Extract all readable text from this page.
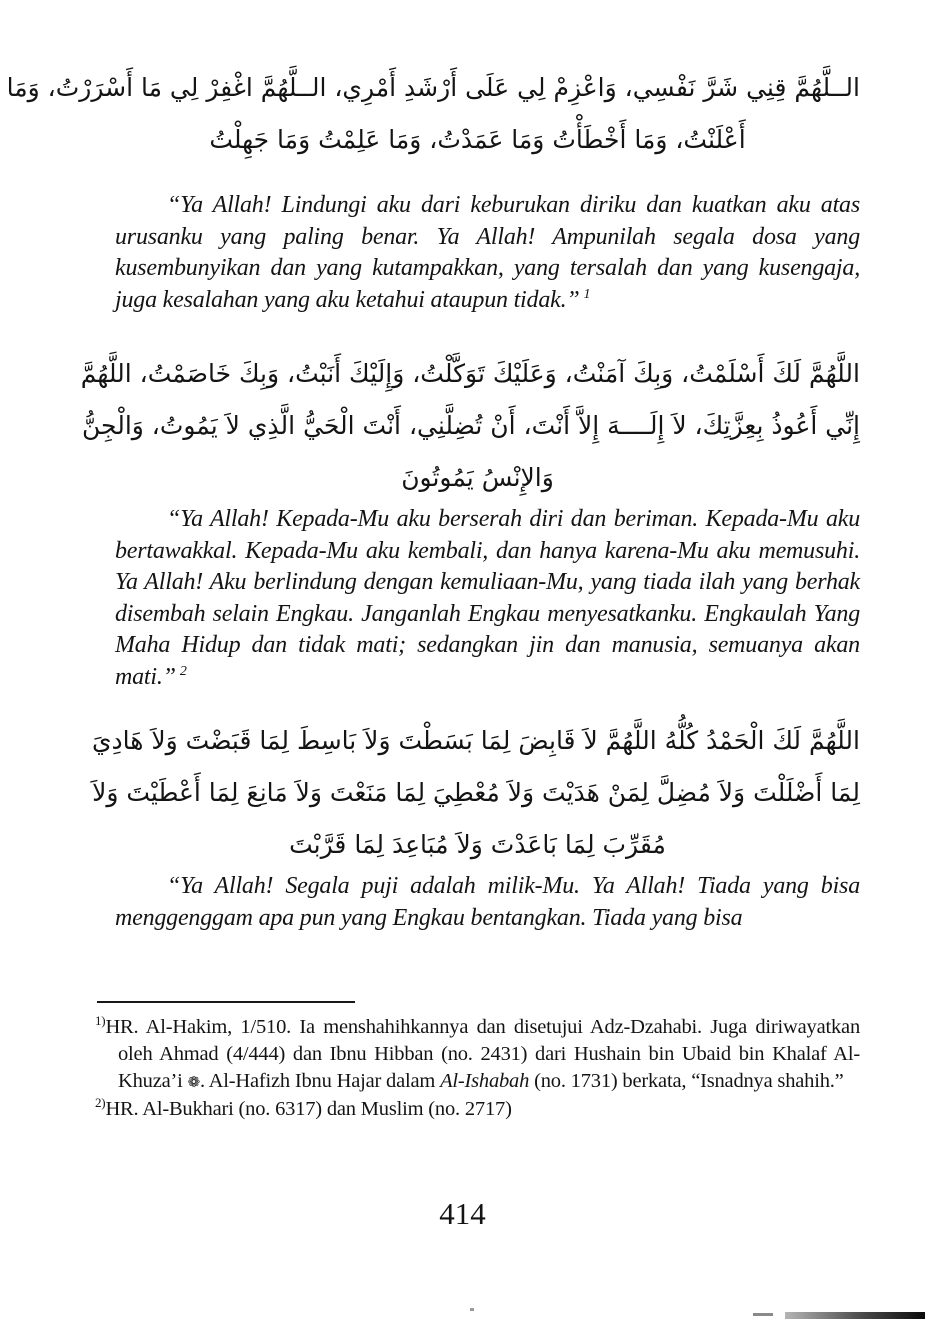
الــلَّهُمَّ قِنِي شَرَّ نَفْسِي، وَاعْزِمْ لِي عَلَى أَرْشَدِ أَمْرِي، الــلَّهُمَّ اغْفِرْ لِي مَا أَسْرَرْتُ، وَمَا
أَعْلَنْتُ، وَمَا أَخْطَأْتُ وَمَا عَمَدْتُ، وَمَا عَلِمْتُ وَمَا جَهِلْتُ

“Ya Allah! Lindungi aku dari keburukan diriku dan kuatkan aku atas urusanku yang paling benar. Ya Allah! Ampunilah segala dosa yang kusembunyikan dan yang kutampakkan, yang tersalah dan yang kusengaja, juga kesalahan yang aku ketahui ataupun tidak.” $^1$

اللَّهُمَّ لَكَ أَسْلَمْتُ، وَبِكَ آمَنْتُ، وَعَلَيْكَ تَوَكَّلْتُ، وَإِلَيْكَ أَنَبْتُ، وَبِكَ خَاصَمْتُ، اللَّهُمَّ
إِنِّي أَعُوذُ بِعِزَّتِكَ، لاَ إِلَــــهَ إِلاَّ أَنْتَ، أَنْ تُضِلَّنِي، أَنْتَ الْحَيُّ الَّذِي لاَ يَمُوتُ، وَالْجِنُّ
وَالإِنْسُ يَمُوتُونَ

“Ya Allah! Kepada-Mu aku berserah diri dan beriman. Kepada-Mu aku bertawakkal. Kepada-Mu aku kembali, dan hanya karena-Mu aku memusuhi. Ya Allah! Aku berlindung dengan kemuliaan-Mu, yang tiada ilah yang berhak disembah selain Engkau. Janganlah Engkau menyesatkanku. Engkaulah Yang Maha Hidup dan tidak mati; sedangkan jin dan manusia, semuanya akan mati.” $^2$

اللَّهُمَّ لَكَ الْحَمْدُ كُلُّهُ اللَّهُمَّ لاَ قَابِضَ لِمَا بَسَطْتَ وَلاَ بَاسِطَ لِمَا قَبَضْتَ وَلاَ هَادِيَ
لِمَا أَضْلَلْتَ وَلاَ مُضِلَّ لِمَنْ هَدَيْتَ وَلاَ مُعْطِيَ لِمَا مَنَعْتَ وَلاَ مَانِعَ لِمَا أَعْطَيْتَ وَلاَ
مُقَرِّبَ لِمَا بَاعَدْتَ وَلاَ مُبَاعِدَ لِمَا قَرَّبْتَ

“Ya Allah! Segala puji adalah milik-Mu. Ya Allah! Tiada yang bisa menggenggam apa pun yang Engkau bentangkan. Tiada yang bisa

$^{1)}$HR. Al-Hakim, 1/510. Ia menshahihkannya dan disetujui Adz-Dzahabi. Juga diriwayatkan oleh Ahmad (4/444) dan Ibnu Hibban (no. 2431) dari Hushain bin Ubaid bin Khalaf Al-Khuza’i ❁. Al-Hafizh Ibnu Hajar dalam Al-Ishabah (no. 1731) berkata, “Isnadnya shahih.”

$^{2)}$HR. Al-Bukhari (no. 6317) dan Muslim (no. 2717)

414
